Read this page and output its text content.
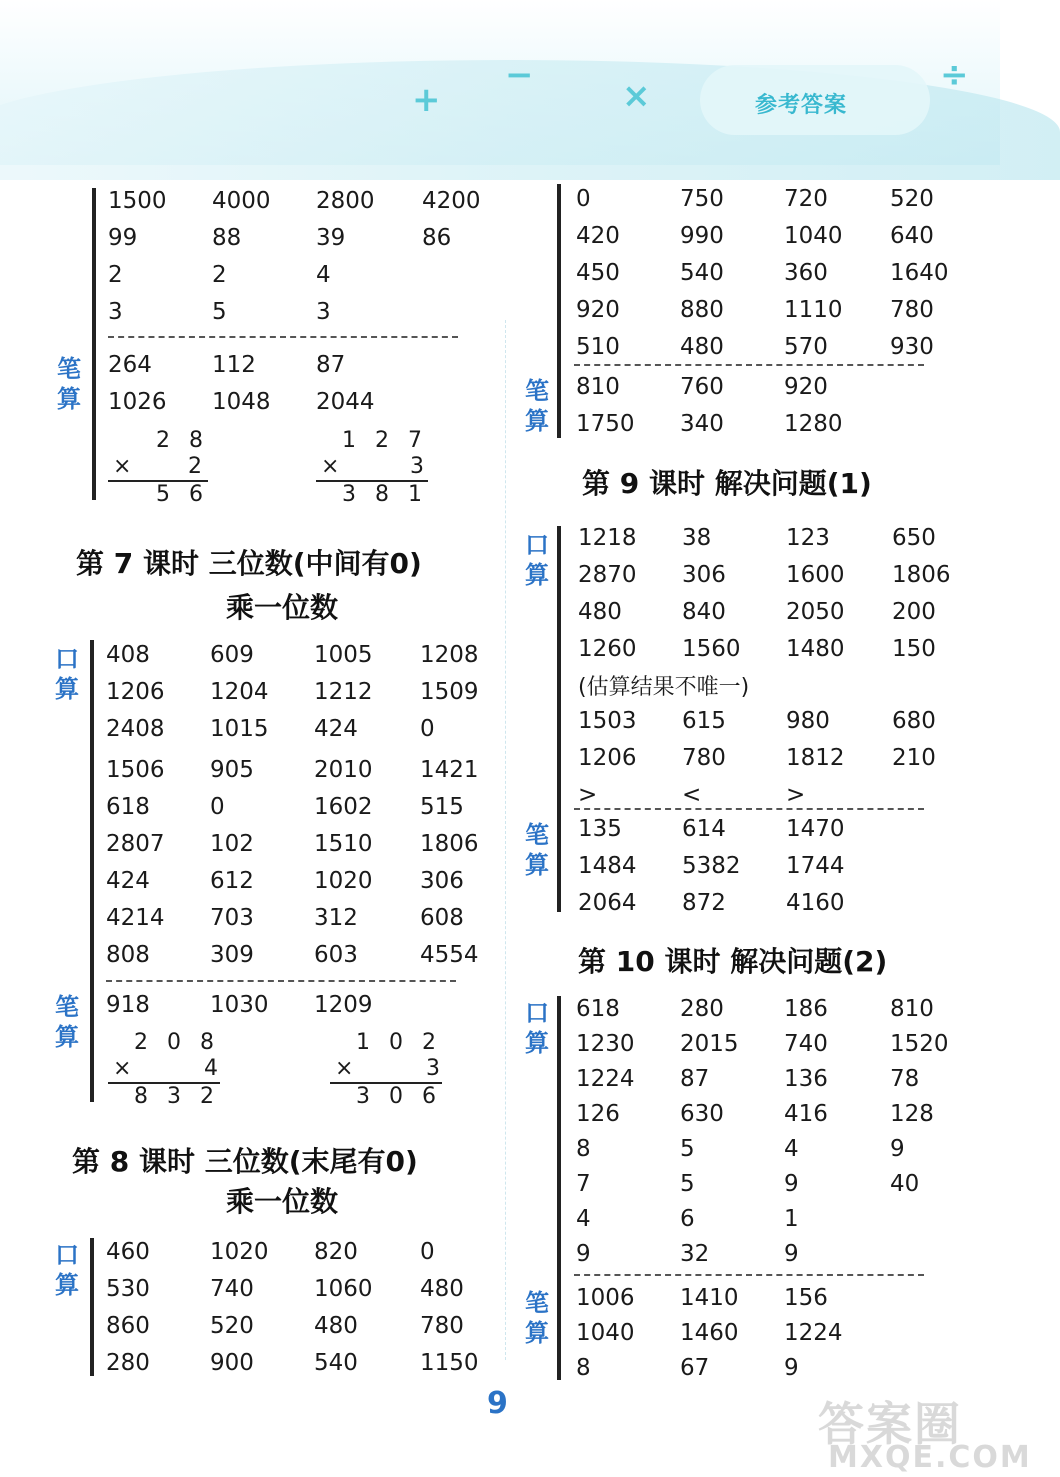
+
−
×
÷
参考答案
笔
算
1500 4000 2800 4200
99	88	39	86
2	2	4
3	5	3
264	112	87
1026 1048 2044
2 8
×	2
5 6
1 2 7
×	3
3 8 1
第 7 课时 三位数(中间有0)
乘一位数
口
算
408	609	1005 1208
1206 1204 1212 1509
2408 1015 424	0
1506 905	2010 1421
618	0	1602 515
2807 102	1510 1806
424	612	1020 306
4214 703	312	608
808	309	603	4554
笔
算
918	1030 1209
2 0 8
×	4
8 3 2
1 0 2
×	3
3 0 6
第 8 课时 三位数(末尾有0)
乘一位数
口
算
460	1020 820	0
530	740	1060 480
860	520	480	780
280	900	540	1150
0	750	720	520
420	990	1040 640
450	540	360	1640
920	880	1110 780
510	480	570	930
笔
算
810	760	920
1750 340	1280
第 9 课时 解决问题(1)
口
算
1218 38	123	650
2870 306	1600 1806
480	840	2050 200
1260 1560 1480 150
(估算结果不唯一)
1503 615	980	680
1206 780	1812 210
>	<	>
笔
算
135	614	1470
1484 5382 1744
2064 872	4160
第 10 课时 解决问题(2)
口
算
618	280	186	810
1230 2015 740	1520
1224 87	136	78
126	630	416	128
8	5	4	9
7	5	9	40
4	6	1
9	32	9
笔
算
1006 1410 156
1040 1460 1224
8	67	9
9	答案圈
MXQE.COM
